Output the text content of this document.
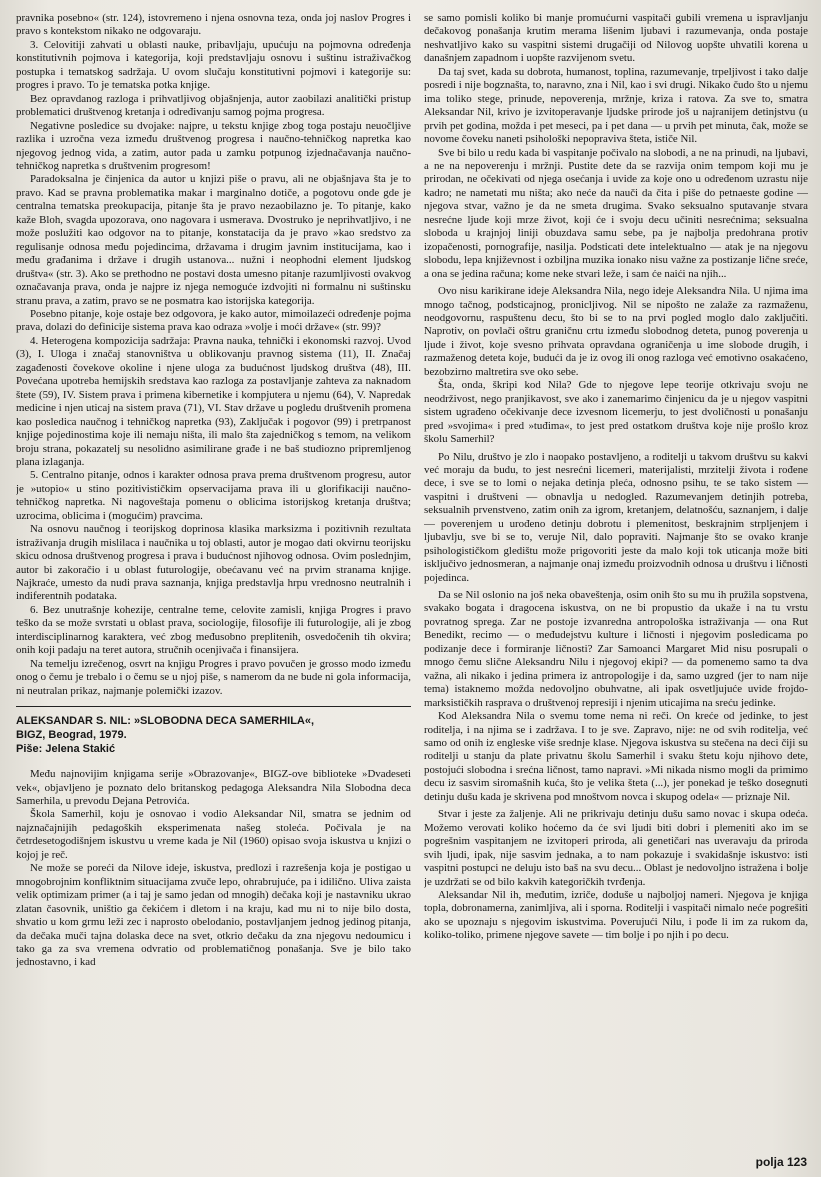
pravnika posebno« (str. 124), istovremeno i njena osnovna teza, onda joj naslov Progres i pravo s kontekstom nikako ne odgovaraju.

3. Celovitiji zahvati u oblasti nauke, pribavljaju, upućuju na pojmovna određenja konstitutivnih pojmova i kategorija, koji predstavljaju osnovu i suštinu istraživačkog postupka i tematskog sadržaja. U ovom slučaju konstitutivni pojmovi i kategorije su: progres i pravo. To je tematska potka knjige.

Bez opravdanog razloga i prihvatljivog objašnjenja, autor zaobilazi analitički pristup problematici društvenog kretanja i određivanju samog pojma progresa.

Negativne posledice su dvojake: najpre, u tekstu knjige zbog toga postaju neuočljive razlika i uzročna veza između društvenog progresa i naučno-tehničkog napretka kao njegovog jednog vida, a zatim, autor pada u zamku potpunog izjednačavanja naučno-tehničkog napretka s društvenim progresom!

Paradoksalna je činjenica da autor u knjizi piše o pravu, ali ne objašnjava šta je to pravo. Kad se pravna problematika makar i marginalno dotiče, a pogotovu onde gde je centralna tematska preokupacija, pitanje šta je pravo nezaobilazno je. To pitanje, kako kaže Bloh, svagda upozorava, ono nagovara i usmerava. Dvostruko je neprihvatljivo, i ne može poslužiti kao odgovor na to pitanje, konstatacija da je pravo »kao sredstvo za regulisanje odnosa među pojedincima, državama i drugim javnim institucijama, kao i među građanima i države i drugih ustanova... nužni i neophodni element ljudskog društva« (str. 3). Ako se prethodno ne postavi dosta umesno pitanje razumljivosti ovakvog označavanja prava, onda je najpre iz njega nemoguće izdvojiti ni formalnu ni suštinsku stranu prava, a zatim, pravo se ne posmatra kao istorijska kategorija.

Posebno pitanje, koje ostaje bez odgovora, je kako autor, mimoilazeći određenje pojma prava, dolazi do definicije sistema prava kao odraza »volje i moći države« (str. 99)?

4. Heterogena kompozicija sadržaja: Pravna nauka, tehnički i ekonomski razvoj. Uvod (3), I. Uloga i značaj stanovništva u oblikovanju pravnog sistema (11), II. Značaj zagađenosti čovekove okoline i njene uloga za budućnost ljudskog društva (48), III. Povećana upotreba hemijskih sredstava kao razloga za postavljanje zahteva za naknadom štete (59), IV. Sistem prava i primena kibernetike i kompjutera u njemu (64), V. Napredak medicine i njen uticaj na sistem prava (71), VI. Stav države u pogledu društvenih promena kao posledica naučnog i tehničkog napretka (93), Zaključak i pogovor (99) i pretrpanost knjige pojedinostima koje ili nemaju ništa, ili malo šta zajedničkog s temom, na velikom broju strana, pokazatelj su nesolidno asimilirane građe i ne baš studiozno pripremljenog plana izlaganja.

5. Centralno pitanje, odnos i karakter odnosa prava prema društvenom progresu, autor je »utopio« u stino pozitivističkim opservacijama prava ili u glorifikaciji naučno-tehničkog napretka. Ni nagoveštaja pomenu o oblicima istorijskog kretanja društva; uzrocima, oblicima i (mogućim) pravcima.

Na osnovu naučnog i teorijskog doprinosa klasika marksizma i pozitivnih rezultata istraživanja drugih mislilaca i naučnika u toj oblasti, autor je mogao dati okvirnu teorijsku skicu odnosa društvenog progresa i prava i budućnost njihovog odnosa. Ovim poslednjim, autor bi zakoračio i u oblast futurologije, obećavanu već na prvim stranama knjige. Najkraće, umesto da nudi prava saznanja, knjiga predstavlja hrpu vrednosno neutralnih i indiferentnih podataka.

6. Bez unutrašnje kohezije, centralne teme, celovite zamisli, knjiga Progres i pravo teško da se može svrstati u oblast prava, sociologije, filosofije ili futurologije, ali je zbog interdisciplinarnog karaktera, već zbog međusobno preplitenih, osvedočenih tih okvira; onih koji padaju na teret autora, stručnih ocenjivača i finansijera.

Na temelju izrečenog, osvrt na knjigu Progres i pravo povučen je grosso modo između onog o čemu je trebalo i o čemu se u njoj piše, s namerom da ne bude ni gola informacija, ni neutralan prikaz, najmanje polemički izazov.

ALEKSANDAR S. NIL: »SLOBODNA DECA SAMERHILA«,
BIGZ, Beograd, 1979.
Piše: Jelena Stakić

Među najnovijim knjigama serije »Obrazovanje«, BIGZ-ove biblioteke »Dvadeseti vek«, objavljeno je poznato delo britanskog pedagoga Aleksandra Nila Slobodna deca Samerhila, u prevodu Dejana Petrovića.

Škola Samerhil, koju je osnovao i vodio Aleksandar Nil, smatra se jednim od najznačajnijih pedagoških eksperimenata našeg stoleća. Počivala je na četrdesetogodišnjem iskustvu u vreme kada je Nil (1960) opisao svoja iskustva u knjizi o kojoj je reč.

Ne može se poreći da Nilove ideje, iskustva, predlozi i razrešenja koja je postigao u mnogobrojnim konfliktnim situacijama zvuče lepo, ohrabrujuće, pa i idilično. Uliva zaista velik optimizam primer (a i taj je samo jedan od mnogih) dečaka koji je nastavniku ukrao zlatan časovnik, uništio ga čekićem i dletom i na kraju, kad mu ni to nije bilo dosta, shvatio u kom grmu leži zec i naprosto obelodanio, postavljanjem jednog jedinog pitanja, da dečaka muči tajna dolaska dece na svet, otkrio dečaku da zna njegovu nedoumicu i tako ga za sva vremena odvratio od problematičnog ponašanja. Sve je bilo tako jednostavno, i kad

se samo pomisli koliko bi manje promućurni vaspitači gubili vremena u ispravljanju dečakovog ponašanja krutim merama lišenim ljubavi i razumevanja, onda postaje neshvatljivo kako su vaspitni sistemi drugačiji od Nilovog uopšte uhvatili korena u današnjem zapadnom i uopšte razvijenom svetu.

Da taj svet, kada su dobrota, humanost, toplina, razumevanje, trpeljivost i tako dalje posredi i nije bogznašta, to, naravno, zna i Nil, kao i svi drugi. Nikako čudo što u njemu ima toliko stege, prinude, nepoverenja, mržnje, kriza i ratova. Za sve to, smatra Aleksandar Nil, krivo je izvitoperavanje ljudske prirode još u najranijem detinjstvu (u prvih pet godina, možda i pet meseci, pa i pet dana — u prvih pet minuta, čak, može se novome čoveku naneti psihološki nepopraviva šteta, ističe Nil.

Sve bi bilo u redu kada bi vaspitanje počivalo na slobodi, a ne na prinudi, na ljubavi, a ne na nepoverenju i mržnji. Pustite dete da se razvija onim tempom koji mu je prirodan, ne očekivati od njega osećanja i uvide za koje ono u određenom uzrastu nije kadro; ne nametati mu ništa; ako neće da nauči da čita i piše do petnaeste godine — njegova stvar, važno je da ne smeta drugima. Svako seksualno sputavanje stvara nesrećne ljude koji mrze život, koji će i svoju decu učiniti nesrećnima; seksualna sloboda u krajnjoj liniji obuzdava samu sebe, pa je najbolja predohrana protiv izopačenosti, pornografije, nasilja. Podsticati dete intelektualno — atak je na njegovu slobodu, lepa književnost i ozbiljna muzika ionako nisu važne za postizanje lične sreće, a ona se jedina računa; kome neke stvari leže, i sam će naići na njih...

Ovo nisu karikirane ideje Aleksandra Nila, nego ideje Aleksandra Nila. U njima ima mnogo tačnog, podsticajnog, pronicljivog. Nil se nipošto ne zalaže za razmaženu, neodgovornu, raspuštenu decu, što bi se to na prvi pogled moglo dalo zaključiti. Naprotiv, on povlači oštru graničnu crtu između slobodnog deteta, punog poverenja u ljude i život, koje svesno prihvata opravdana ograničenja u ime slobode drugih, i razmaženog deteta koje, budući da je iz ovog ili onog razloga već emotivno osakaćeno, bezobzirno maltretira sve oko sebe.

Šta, onda, škripi kod Nila? Gde to njegove lepe teorije otkrivaju svoju ne neodrživost, nego pranjikavost, sve ako i zanemarimo činjenicu da je u njegov vaspitni sistem ugrađeno očekivanje dece izvesnom licemerju, to jest dvoličnosti u ponašanju pred »svojima« i pred »tuđima«, to jest pred ostatkom društva koje nije prošlo kroz školu Samerhil?

Po Nilu, društvo je zlo i naopako postavljeno, a roditelji u takvom društvu su kakvi već moraju da budu, to jest nesrećni licemeri, materijalisti, mrzitelji života i rođene dece, i sve se to lomi o nejaka detinja pleća, odnosno psihu, te se tako sistem — vaspitni i društveni — obnavlja u nedogled. Razumevanjem detinjih potreba, seksualnih prvenstveno, zatim onih za igrom, kretanjem, delatnošću, saznanjem, i dalje — poverenjem u urođeno detinju dobrotu i plemenitost, beskrajnim strpljenjem i ljubavlju, sve bi se to, veruje Nil, dalo popraviti. Najmanje što se ovako kranje psihologističkom gledištu može prigovoriti jeste da malo koji tok uticanja može biti isključivo jednosmeran, a najmanje onaj između proizvodnih odnosa u društvu i ličnosti pojedinca.

Da se Nil oslonio na još neka obaveštenja, osim onih što su mu ih pružila sopstvena, svakako bogata i dragocena iskustva, on ne bi propustio da ukaže i na tu vrstu povratnog sprega. Zar ne postoje izvanredna antropološka istraživanja — ona Rut Benedikt, recimo — o međudejstvu kulture i ličnosti i njegovim posledicama po podizanje dece i formiranje ličnosti? Zar Samoanci Margaret Mid nisu posrupali o mnogo čemu slične Aleksandru Nilu i njegovoj ekipi? — da pomenemo samo ta dva važna, ali nikako i jedina primera iz antropologije i da, samo uzgred (jer to nam nije tema) istaknemo možda nedovoljno obuhvatne, ali ipak osvetljujuće uvide frojdo-marksističkih rasprava o društvenoj represiji i njenim uticajima na sreću jedinke.

Kod Aleksandra Nila o svemu tome nema ni reči. On kreće od jedinke, to jest roditelja, i na njima se i zadržava. I to je sve. Zapravo, nije: ne od svih roditelja, već samo od onih iz engleske više srednje klase. Njegova iskustva su stečena na deci čiji su roditelji u stanju da plate privatnu školu Samerhil i svaku štetu koju njihovo dete, postojući slobodna i srećna ličnost, tamo napravi. »Mi nikada nismo mogli da primimo decu iz sasvim siromašnih kuća, što je velika šteta (...), jer ponekad je teško dosegnuti detinju dušu kada je skrivena pod mnoštvom novca i skupog odela« — priznaje Nil.

Stvar i jeste za žaljenje. Ali ne prikrivaju detinju dušu samo novac i skupa odeća. Možemo verovati koliko hoćemo da će svi ljudi biti dobri i plemeniti ako im se pogrešnim vaspitanjem ne izvitoperi priroda, ali genetičari nas uveravaju da priroda svih ljudi, ipak, nije sasvim jednaka, a to nam pokazuje i svakidašnje iskustvo: isti vaspitni postupci ne deluju isto baš na svu decu... Oblast je nedovoljno istražena i bolje je uzdržati se od bilo kakvih kategoričkih tvrđenja.

Aleksandar Nil ih, međutim, izriče, doduše u najboljoj nameri. Njegova je knjiga topla, dobronamerna, zanimljiva, ali i sporna. Roditelji i vaspitači nimalo neće pogrešiti ako se upoznaju s njegovim iskustvima. Poverujući Nilu, i pođe li im za rukom da, koliko-toliko, primene njegove savete — tim bolje i po njih i po decu.

polja 123
